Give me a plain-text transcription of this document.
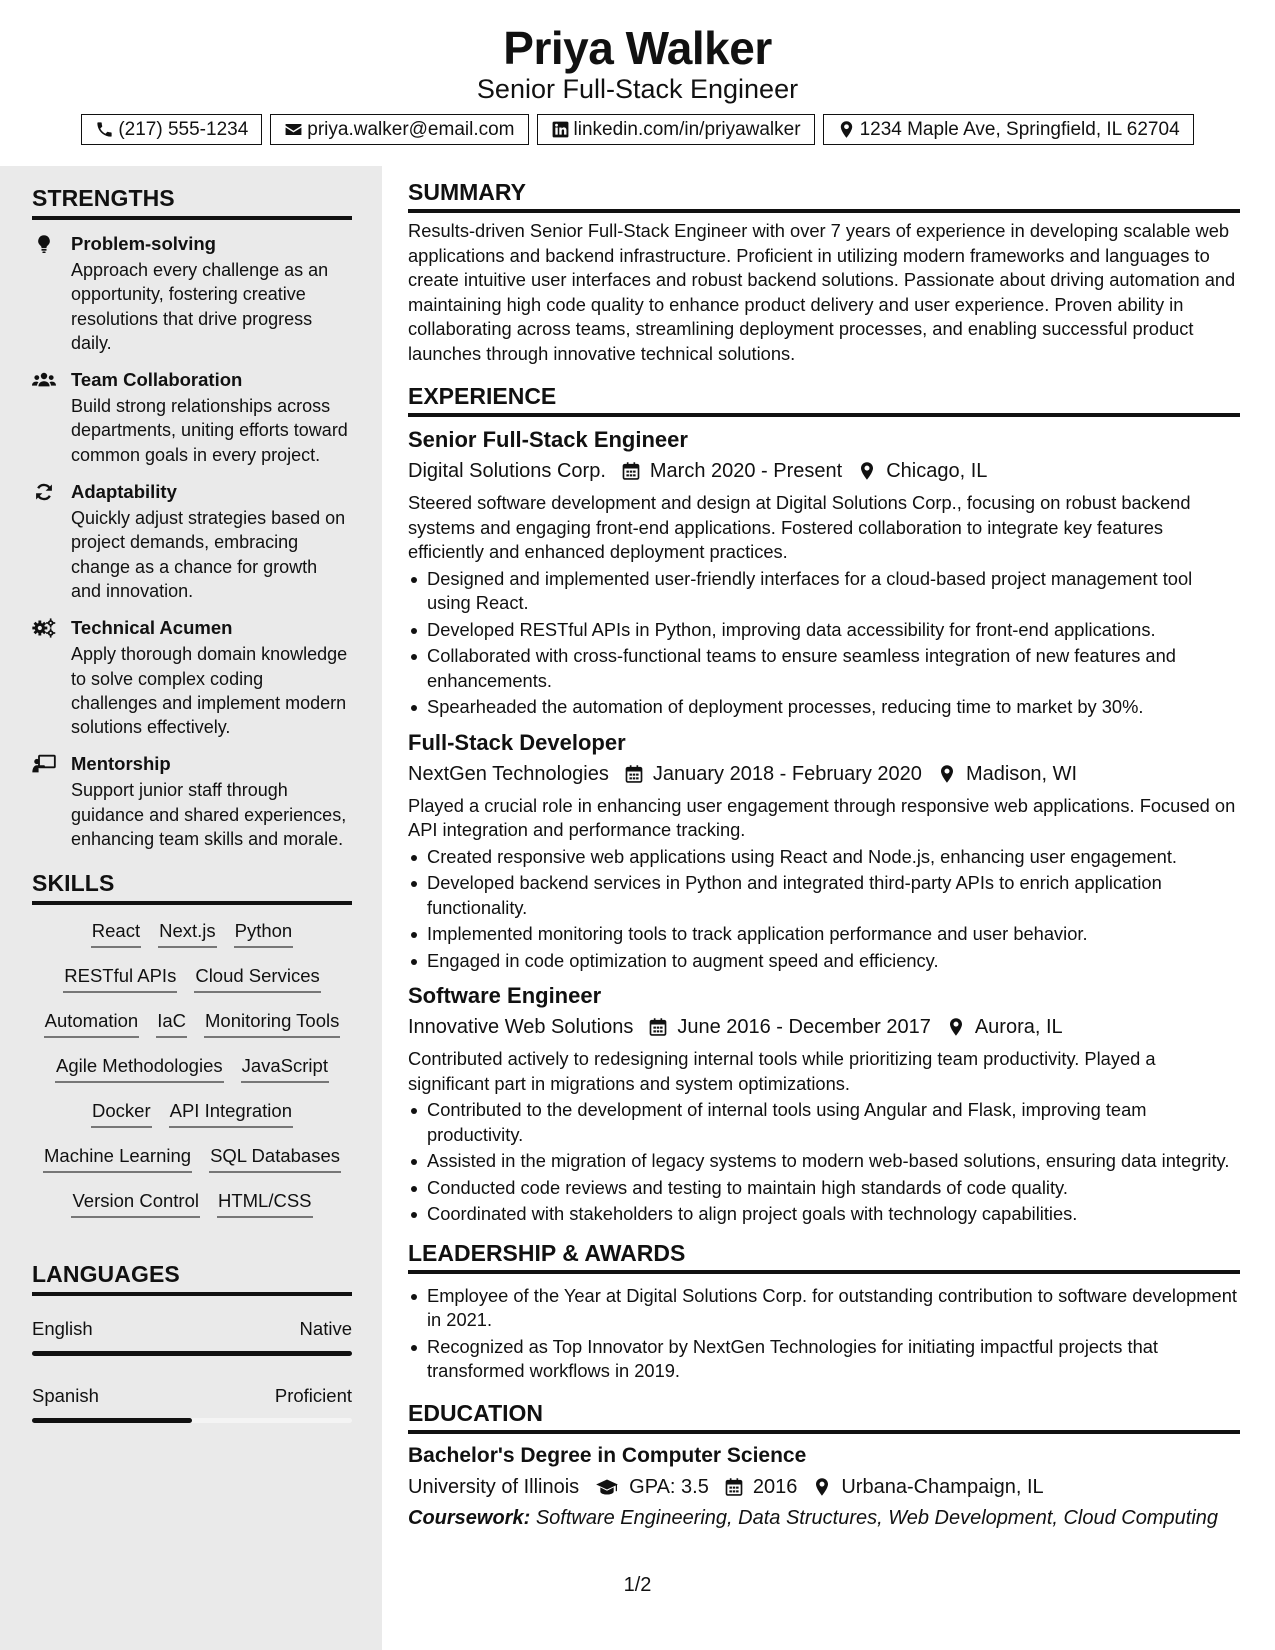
Priya Walker
Senior Full-Stack Engineer
(217) 555-1234	priya.walker@email.com	linkedin.com/in/priyawalker	1234 Maple Ave, Springfield, IL 62704
STRENGTHS
Problem-solving
Approach every challenge as an opportunity, fostering creative resolutions that drive progress daily.
Team Collaboration
Build strong relationships across departments, uniting efforts toward common goals in every project.
Adaptability
Quickly adjust strategies based on project demands, embracing change as a chance for growth and innovation.
Technical Acumen
Apply thorough domain knowledge to solve complex coding challenges and implement modern solutions effectively.
Mentorship
Support junior staff through guidance and shared experiences, enhancing team skills and morale.
SKILLS
React Next.js Python
RESTful APIs Cloud Services
Automation IaC Monitoring Tools
Agile Methodologies JavaScript
Docker API Integration
Machine Learning SQL Databases
Version Control HTML/CSS
LANGUAGES
English	Native
Spanish	Proficient
SUMMARY

Results-driven Senior Full-Stack Engineer with over 7 years of experience in developing scalable web applications and backend infrastructure. Proficient in utilizing modern frameworks and languages to create intuitive user interfaces and robust backend solutions. Passionate about driving automation and maintaining high code quality to enhance product delivery and user experience. Proven ability in collaborating across teams, streamlining deployment processes, and enabling successful product launches through innovative technical solutions.

EXPERIENCE
Senior Full-Stack Engineer
Digital Solutions Corp. March 2020 - Present Chicago, IL

Steered software development and design at Digital Solutions Corp., focusing on robust backend systems and engaging front-end applications. Fostered collaboration to integrate key features efficiently and enhanced deployment practices.

Designed and implemented user-friendly interfaces for a cloud-based project management tool using React.
Developed RESTful APIs in Python, improving data accessibility for front-end applications.
Collaborated with cross-functional teams to ensure seamless integration of new features and enhancements.
Spearheaded the automation of deployment processes, reducing time to market by 30%.
Full-Stack Developer
NextGen Technologies January 2018 - February 2020 Madison, WI

Played a crucial role in enhancing user engagement through responsive web applications. Focused on API integration and performance tracking.

Created responsive web applications using React and Node.js, enhancing user engagement.
Developed backend services in Python and integrated third-party APIs to enrich application functionality.
Implemented monitoring tools to track application performance and user behavior.
Engaged in code optimization to augment speed and efficiency.
Software Engineer
Innovative Web Solutions June 2016 - December 2017 Aurora, IL

Contributed actively to redesigning internal tools while prioritizing team productivity. Played a significant part in migrations and system optimizations.

Contributed to the development of internal tools using Angular and Flask, improving team productivity.
Assisted in the migration of legacy systems to modern web-based solutions, ensuring data integrity.
Conducted code reviews and testing to maintain high standards of code quality.
Coordinated with stakeholders to align project goals with technology capabilities.
LEADERSHIP & AWARDS
Employee of the Year at Digital Solutions Corp. for outstanding contribution to software development in 2021.
Recognized as Top Innovator by NextGen Technologies for initiating impactful projects that transformed workflows in 2019.
EDUCATION
Bachelor's Degree in Computer Science
University of Illinois	GPA: 3.5 2016 Urbana-Champaign, IL
Coursework: Software Engineering, Data Structures, Web Development, Cloud Computing
1/2
